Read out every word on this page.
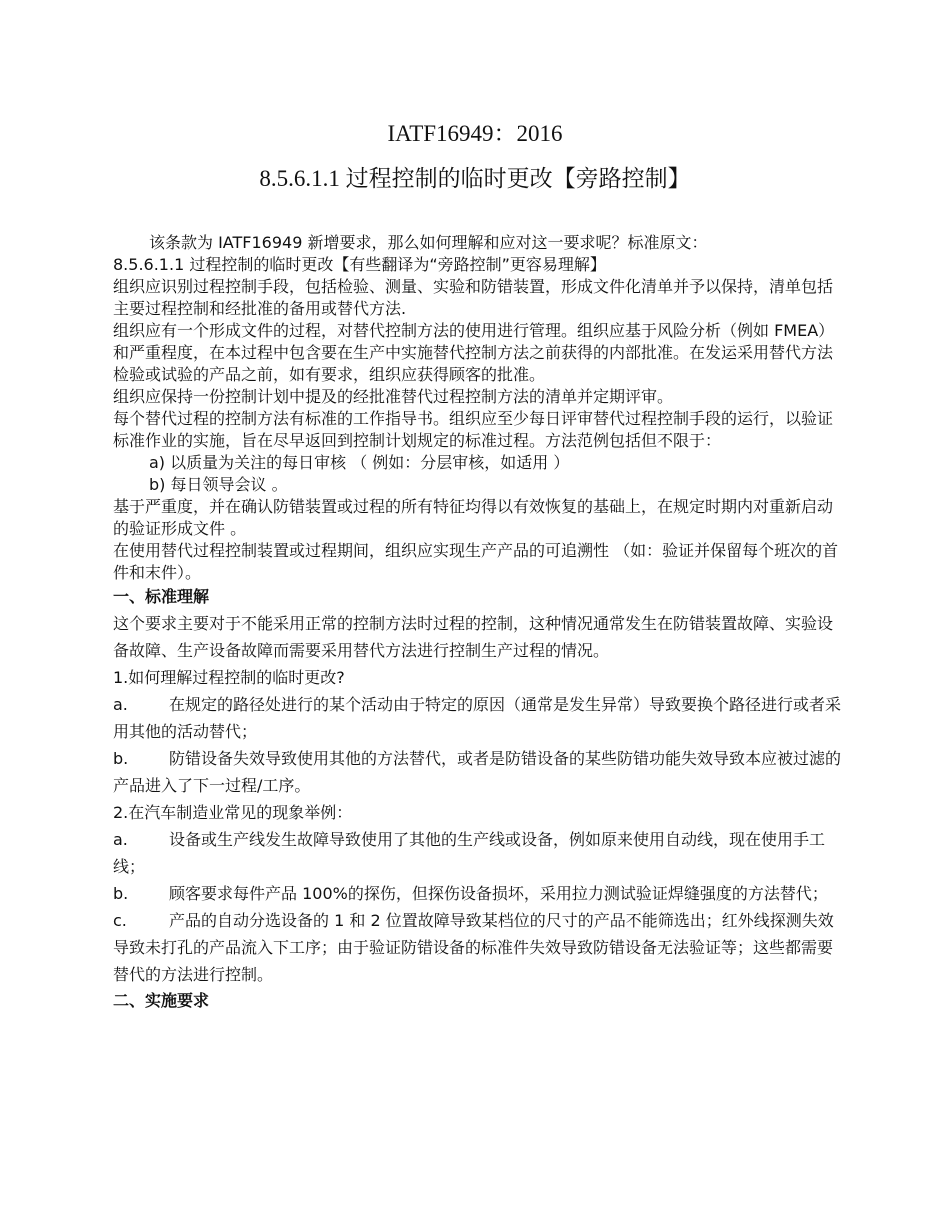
IATF16949：2016
8.5.6.1.1 过程控制的临时更改【旁路控制】

该条款为 IATF16949 新增要求，那么如何理解和应对这一要求呢？标准原文：

8.5.6.1.1 过程控制的临时更改【有些翻译为“旁路控制”更容易理解】

组织应识别过程控制手段，包括检验、测量、实验和防错装置，形成文件化清单并予以保持，清单包括主要过程控制和经批准的备用或替代方法.

组织应有一个形成文件的过程，对替代控制方法的使用进行管理。组织应基于风险分析（例如 FMEA）和严重程度，在本过程中包含要在生产中实施替代控制方法之前获得的内部批准。在发运采用替代方法检验或试验的产品之前，如有要求，组织应获得顾客的批准。

组织应保持一份控制计划中提及的经批准替代过程控制方法的清单并定期评审。

每个替代过程的控制方法有标准的工作指导书。组织应至少每日评审替代过程控制手段的运行，以验证标准作业的实施，旨在尽早返回到控制计划规定的标准过程。方法范例包括但不限于：

a) 以质量为关注的每日审核 （ 例如：分层审核，如适用 ）

b) 每日领导会议 。

基于严重度，并在确认防错装置或过程的所有特征均得以有效恢复的基础上，在规定时期内对重新启动的验证形成文件 。

在使用替代过程控制装置或过程期间，组织应实现生产产品的可追溯性 （如：验证并保留每个班次的首件和末件）。

一、标准理解

这个要求主要对于不能采用正常的控制方法时过程的控制，这种情况通常发生在防错装置故障、实验设备故障、生产设备故障而需要采用替代方法进行控制生产过程的情况。

1.如何理解过程控制的临时更改?

a.	在规定的路径处进行的某个活动由于特定的原因（通常是发生异常）导致要换个路径进行或者采用其他的活动替代；

b.	防错设备失效导致使用其他的方法替代，或者是防错设备的某些防错功能失效导致本应被过滤的产品进入了下一过程/工序。

2.在汽车制造业常见的现象举例：

a.	设备或生产线发生故障导致使用了其他的生产线或设备，例如原来使用自动线，现在使用手工线；

b.	顾客要求每件产品 100%的探伤，但探伤设备损坏，采用拉力测试验证焊缝强度的方法替代；

c.	产品的自动分选设备的 1 和 2 位置故障导致某档位的尺寸的产品不能筛选出；红外线探测失效导致未打孔的产品流入下工序；由于验证防错设备的标准件失效导致防错设备无法验证等；这些都需要替代的方法进行控制。

二、实施要求
